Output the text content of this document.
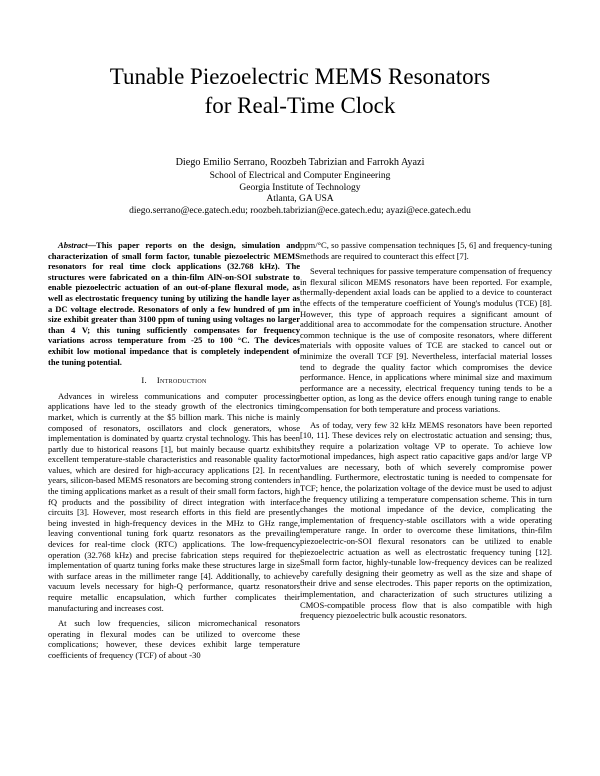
Tunable Piezoelectric MEMS Resonators
for Real-Time Clock
Diego Emilio Serrano, Roozbeh Tabrizian and Farrokh Ayazi
School of Electrical and Computer Engineering
Georgia Institute of Technology
Atlanta, GA USA
diego.serrano@ece.gatech.edu; roozbeh.tabrizian@ece.gatech.edu; ayazi@ece.gatech.edu

Abstract—This paper reports on the design, simulation and characterization of small form factor, tunable piezoelectric MEMS resonators for real time clock applications (32.768 kHz). The structures were fabricated on a thin-film AlN-on-SOI substrate to enable piezoelectric actuation of an out-of-plane flexural mode, as well as electrostatic frequency tuning by utilizing the handle layer as a DC voltage electrode. Resonators of only a few hundred of µm in size exhibit greater than 3100 ppm of tuning using voltages no larger than 4 V; this tuning sufficiently compensates for frequency variations across temperature from -25 to 100 °C. The devices exhibit low motional impedance that is completely independent of the tuning potential.

I. Introduction

Advances in wireless communications and computer processing applications have led to the steady growth of the electronics timing market, which is currently at the $5 billion mark. This niche is mainly composed of resonators, oscillators and clock generators, whose implementation is dominated by quartz crystal technology. This has been partly due to historical reasons [1], but mainly because quartz exhibits excellent temperature-stable characteristics and reasonable quality factor values, which are desired for high-accuracy applications [2]. In recent years, silicon-based MEMS resonators are becoming strong contenders in the timing applications market as a result of their small form factors, high fQ products and the possibility of direct integration with interface circuits [3]. However, most research efforts in this field are presently being invested in high-frequency devices in the MHz to GHz range, leaving conventional tuning fork quartz resonators as the prevailing devices for real-time clock (RTC) applications. The low-frequency operation (32.768 kHz) and precise fabrication steps required for the implementation of quartz tuning forks make these structures large in size with surface areas in the millimeter range [4]. Additionally, to achieve vacuum levels necessary for high-Q performance, quartz resonators require metallic encapsulation, which further complicates their manufacturing and increases cost.

At such low frequencies, silicon micromechanical resonators operating in flexural modes can be utilized to overcome these complications; however, these devices exhibit large temperature coefficients of frequency (TCF) of about -30

ppm/°C, so passive compensation techniques [5, 6] and frequency-tuning methods are required to counteract this effect [7].

Several techniques for passive temperature compensation of frequency in flexural silicon MEMS resonators have been reported. For example, thermally-dependent axial loads can be applied to a device to counteract the effects of the temperature coefficient of Young's modulus (TCE) [8]. However, this type of approach requires a significant amount of additional area to accommodate for the compensation structure. Another common technique is the use of composite resonators, where different materials with opposite values of TCE are stacked to cancel out or minimize the overall TCF [9]. Nevertheless, interfacial material losses tend to degrade the quality factor which compromises the device performance. Hence, in applications where minimal size and maximum performance are a necessity, electrical frequency tuning tends to be a better option, as long as the device offers enough tuning range to enable compensation for both temperature and process variations.

As of today, very few 32 kHz MEMS resonators have been reported [10, 11]. These devices rely on electrostatic actuation and sensing; thus, they require a polarization voltage VP to operate. To achieve low motional impedances, high aspect ratio capacitive gaps and/or large VP values are necessary, both of which severely compromise power handling. Furthermore, electrostatic tuning is needed to compensate for TCF; hence, the polarization voltage of the device must be used to adjust the frequency utilizing a temperature compensation scheme. This in turn changes the motional impedance of the device, complicating the implementation of frequency-stable oscillators with a wide operating temperature range. In order to overcome these limitations, thin-film piezoelectric-on-SOI flexural resonators can be utilized to enable piezoelectric actuation as well as electrostatic frequency tuning [12]. Small form factor, highly-tunable low-frequency devices can be realized by carefully designing their geometry as well as the size and shape of their drive and sense electrodes. This paper reports on the optimization, implementation, and characterization of such structures utilizing a CMOS-compatible process flow that is also compatible with high frequency piezoelectric bulk acoustic resonators.
